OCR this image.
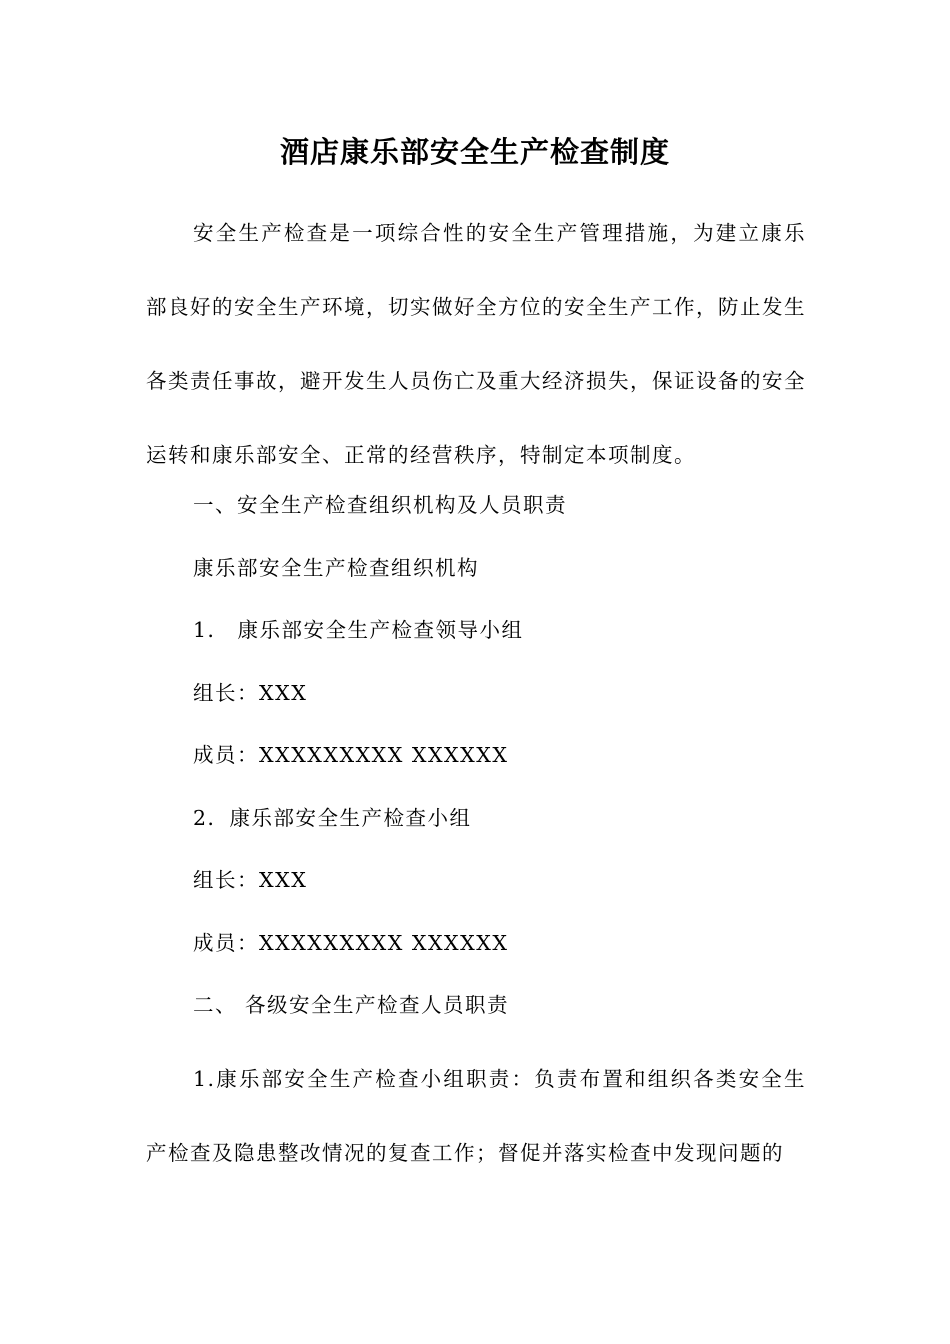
酒店康乐部安全生产检查制度
安全生产检查是一项综合性的安全生产管理措施，为建立康乐部良好的安全生产环境，切实做好全方位的安全生产工作，防止发生各类责任事故，避开发生人员伤亡及重大经济损失，保证设备的安全运转和康乐部安全、正常的经营秩序，特制定本项制度。
一、安全生产检查组织机构及人员职责
康乐部安全生产检查组织机构
1． 康乐部安全生产检查领导小组
组长：XXX
成员：XXXXXXXXX XXXXXX
2．康乐部安全生产检查小组
组长：XXX
成员：XXXXXXXXX XXXXXX
二、 各级安全生产检查人员职责
1.康乐部安全生产检查小组职责：负责布置和组织各类安全生产检查及隐患整改情况的复查工作；督促并落实检查中发现问题的
